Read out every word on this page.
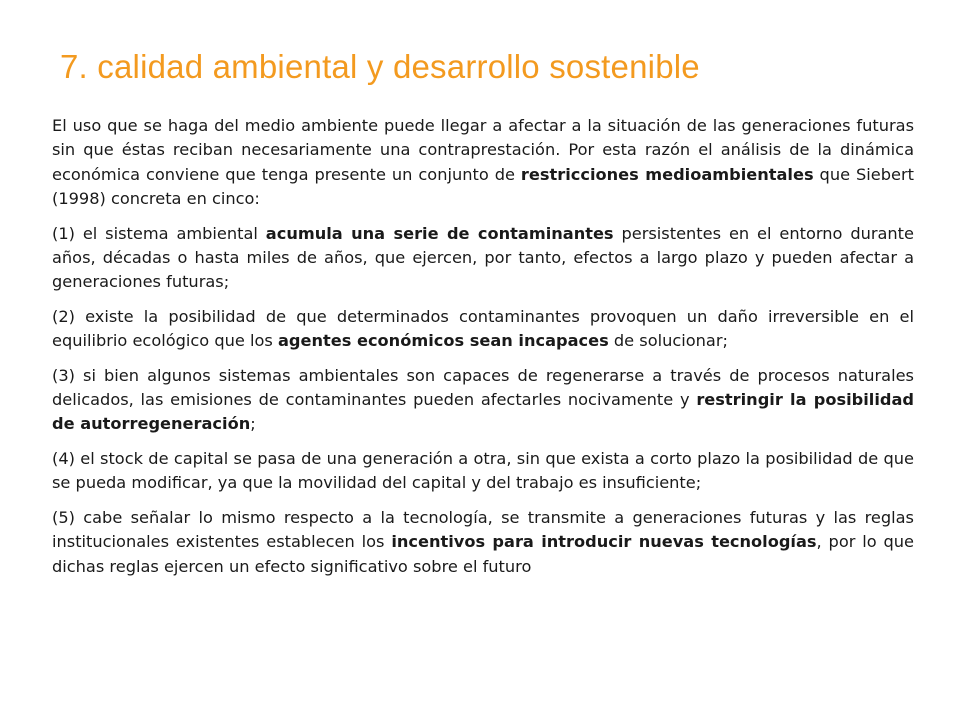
7. calidad ambiental y desarrollo sostenible

El uso que se haga del medio ambiente puede llegar a afectar a la situación de las generaciones futuras sin que éstas reciban necesariamente una contraprestación. Por esta razón el análisis de la dinámica económica conviene que tenga presente un conjunto de restricciones medioambientales que Siebert (1998) concreta en cinco:

(1) el sistema ambiental acumula una serie de contaminantes persistentes en el entorno durante años, décadas o hasta miles de años, que ejercen, por tanto, efectos a largo plazo y pueden afectar a generaciones futuras;

(2) existe la posibilidad de que determinados contaminantes provoquen un daño irreversible en el equilibrio ecológico que los agentes económicos sean incapaces de solucionar;

(3) si bien algunos sistemas ambientales son capaces de regenerarse a través de procesos naturales delicados, las emisiones de contaminantes pueden afectarles nocivamente y restringir la posibilidad de autorregeneración;

(4) el stock de capital se pasa de una generación a otra, sin que exista a corto plazo la posibilidad de que se pueda modificar, ya que la movilidad del capital y del trabajo es insuficiente;

(5) cabe señalar lo mismo respecto a la tecnología, se transmite a generaciones futuras y las reglas institucionales existentes establecen los incentivos para introducir nuevas tecnologías, por lo que dichas reglas ejercen un efecto significativo sobre el futuro
